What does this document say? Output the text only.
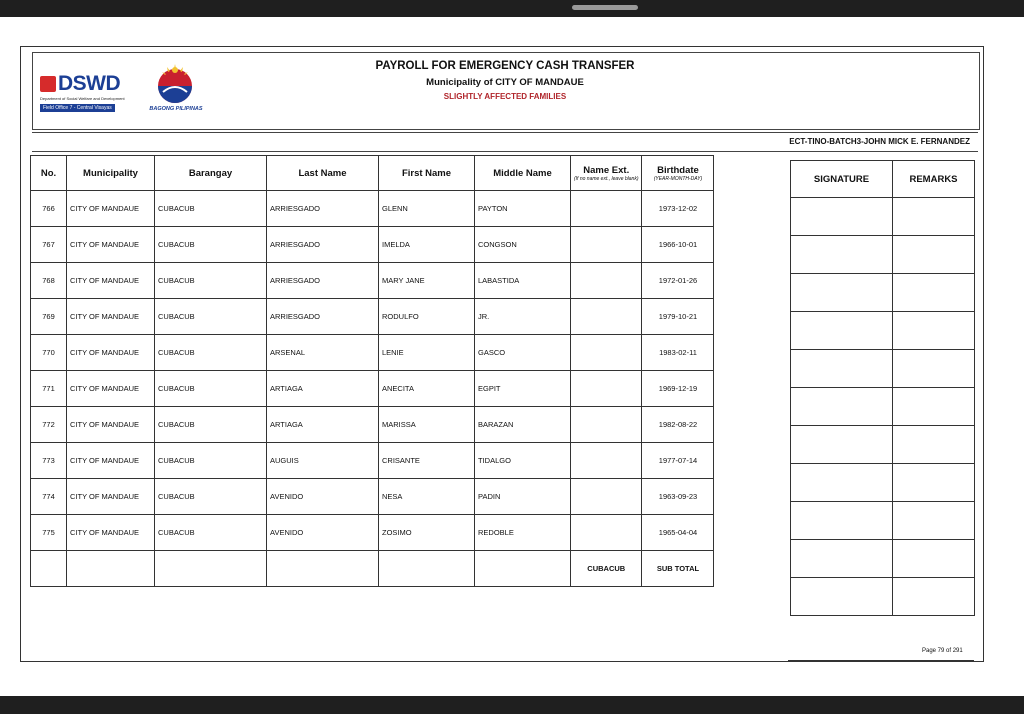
DSWD
Department of Social Welfare and Development
Field Office 7 - Central Visayas	BAGONG PILIPINAS
PAYROLL FOR EMERGENCY CASH TRANSFER
Municipality of CITY OF MANDAUE
SLIGHTLY AFFECTED FAMILIES
ECT-TINO-BATCH3-JOHN MICK E. FERNANDEZ
No.	Municipality	Barangay	Last Name	First Name	Middle Name	Name Ext.
(If no name ext., leave blank)	Birthdate
(YEAR-MONTH-DAY)

766	CITY OF MANDAUE	CUBACUB	ARRIESGADO	GLENN	PAYTON		1973-12-02
767	CITY OF MANDAUE	CUBACUB	ARRIESGADO	IMELDA	CONGSON		1966-10-01
768	CITY OF MANDAUE	CUBACUB	ARRIESGADO	MARY JANE	LABASTIDA		1972-01-26
769	CITY OF MANDAUE	CUBACUB	ARRIESGADO	RODULFO	JR.		1979-10-21
770	CITY OF MANDAUE	CUBACUB	ARSENAL	LENIE	GASCO		1983-02-11
771	CITY OF MANDAUE	CUBACUB	ARTIAGA	ANECITA	EGPIT		1969-12-19
772	CITY OF MANDAUE	CUBACUB	ARTIAGA	MARISSA	BARAZAN		1982-08-22
773	CITY OF MANDAUE	CUBACUB	AUGUIS	CRISANTE	TIDALGO		1977-07-14
774	CITY OF MANDAUE	CUBACUB	AVENIDO	NESA	PADIN		1963-09-23
775	CITY OF MANDAUE	CUBACUB	AVENIDO	ZOSIMO	REDOBLE		1965-04-04
						CUBACUB	SUB TOTAL
SIGNATURE	REMARKS

Page 79 of 291
